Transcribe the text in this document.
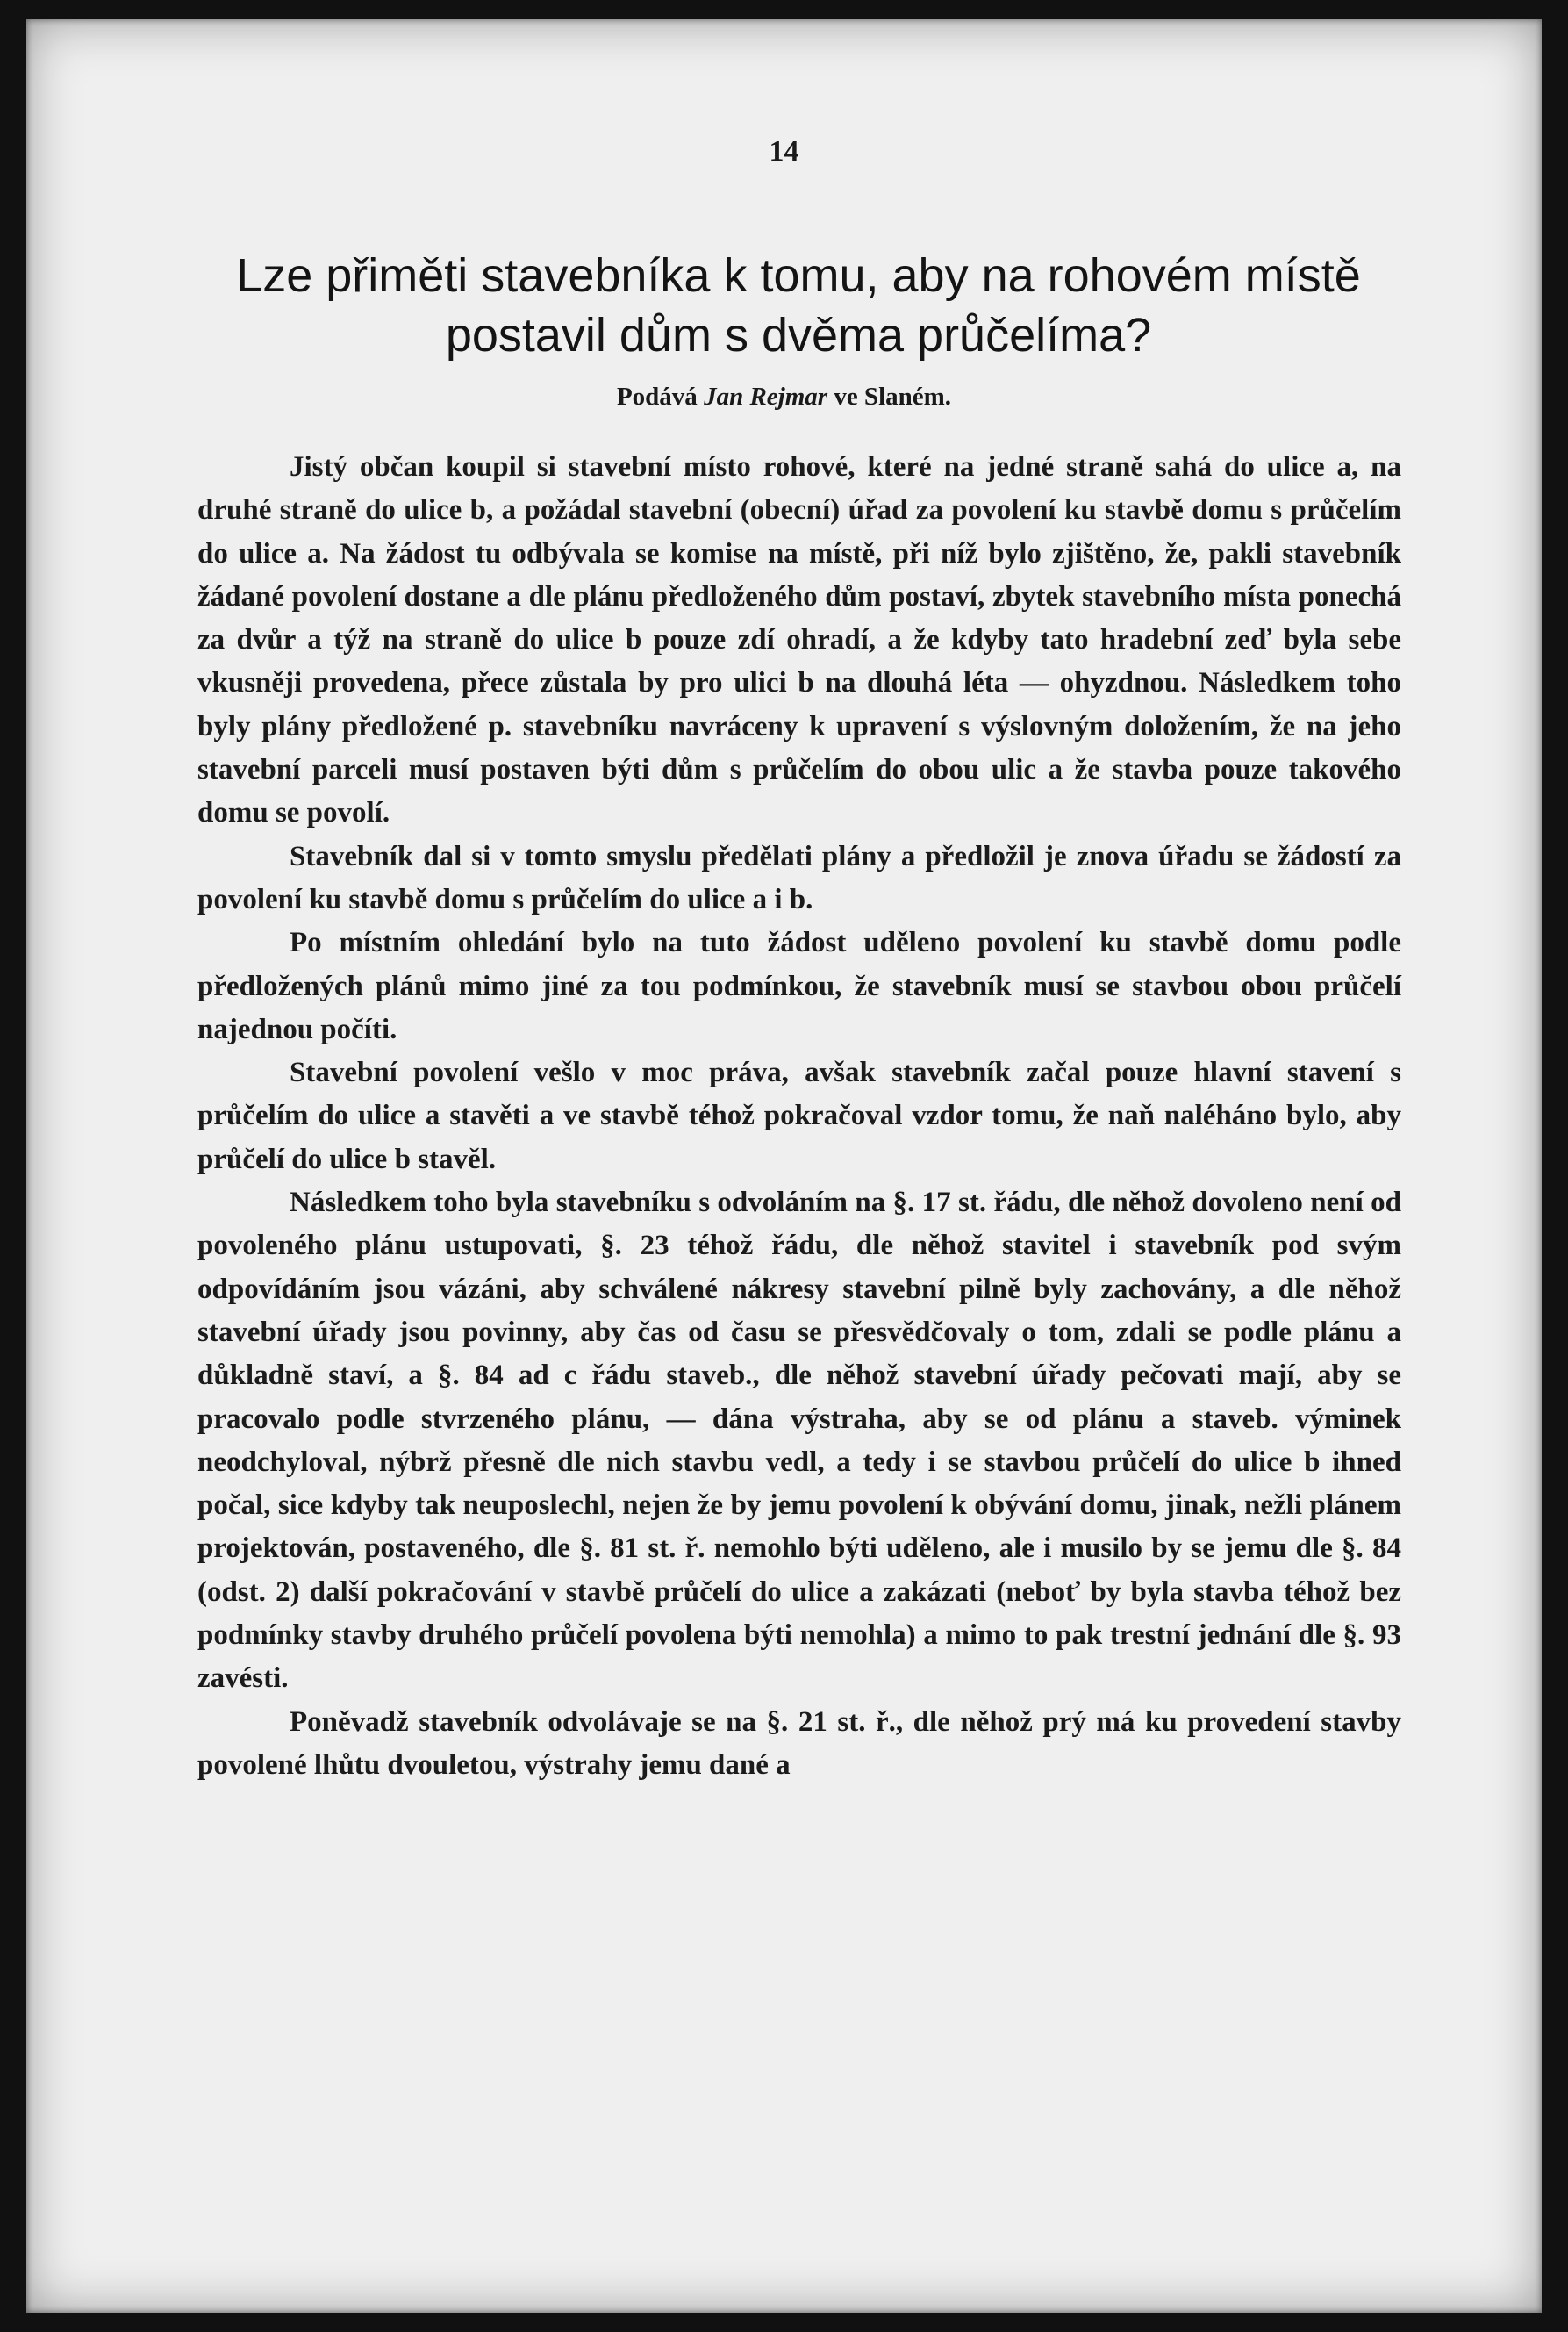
14
Lze přiměti stavebníka k tomu, aby na rohovém místě
postavil dům s dvěma průčelíma?
Podává Jan Rejmar ve Slaném.

Jistý občan koupil si stavební místo rohové, které na jedné straně sahá do ulice a, na druhé straně do ulice b, a požádal stavební (obecní) úřad za povolení ku stavbě domu s průčelím do ulice a. Na žádost tu odbývala se komise na místě, při níž bylo zjištěno, že, pakli stavebník žádané povolení dostane a dle plánu předloženého dům postaví, zbytek stavebního místa ponechá za dvůr a týž na straně do ulice b pouze zdí ohradí, a že kdyby tato hradební zeď byla sebe vkusněji provedena, přece zůstala by pro ulici b na dlouhá léta — ohyzdnou. Následkem toho byly plány předložené p. stavebníku navráceny k upravení s výslovným doložením, že na jeho stavební parceli musí postaven býti dům s průčelím do obou ulic a že stavba pouze takového domu se povolí.

Stavebník dal si v tomto smyslu předělati plány a předložil je znova úřadu se žádostí za povolení ku stavbě domu s průčelím do ulice a i b.

Po místním ohledání bylo na tuto žádost uděleno povolení ku stavbě domu podle předložených plánů mimo jiné za tou podmínkou, že stavebník musí se stavbou obou průčelí najednou počíti.

Stavební povolení vešlo v moc práva, avšak stavebník začal pouze hlavní stavení s průčelím do ulice a stavěti a ve stavbě téhož pokračoval vzdor tomu, že naň naléháno bylo, aby průčelí do ulice b stavěl.

Následkem toho byla stavebníku s odvoláním na §. 17 st. řádu, dle něhož dovoleno není od povoleného plánu ustupovati, §. 23 téhož řádu, dle něhož stavitel i stavebník pod svým odpovídáním jsou vázáni, aby schválené nákresy stavební pilně byly zachovány, a dle něhož stavební úřady jsou povinny, aby čas od času se přesvědčovaly o tom, zdali se podle plánu a důkladně staví, a §. 84 ad c řádu staveb., dle něhož stavební úřady pečovati mají, aby se pracovalo podle stvrzeného plánu, — dána výstraha, aby se od plánu a staveb. výminek neodchyloval, nýbrž přesně dle nich stavbu vedl, a tedy i se stavbou průčelí do ulice b ihned počal, sice kdyby tak neuposlechl, nejen že by jemu povolení k obývání domu, jinak, nežli plánem projektován, postaveného, dle §. 81 st. ř. nemohlo býti uděleno, ale i musilo by se jemu dle §. 84 (odst. 2) další pokračování v stavbě průčelí do ulice a zakázati (neboť by byla stavba téhož bez podmínky stavby druhého průčelí povolena býti nemohla) a mimo to pak trestní jednání dle §. 93 zavésti.

Poněvadž stavebník odvolávaje se na §. 21 st. ř., dle něhož prý má ku provedení stavby povolené lhůtu dvouletou, výstrahy jemu dané a
